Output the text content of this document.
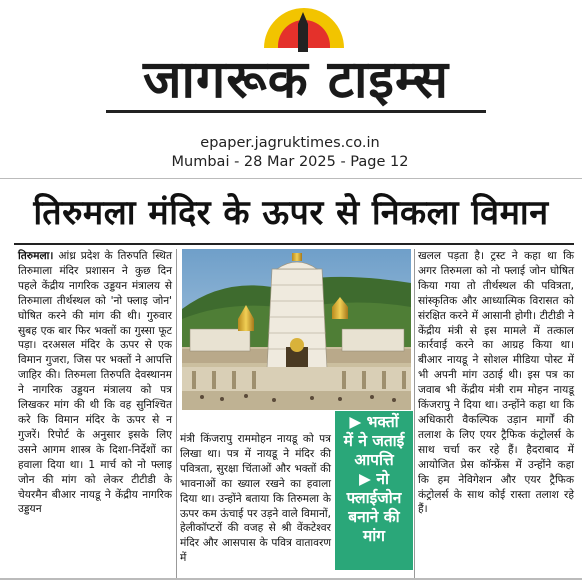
जागरूक टाइम्स
epaper.jagruktimes.co.in
Mumbai - 28 Mar 2025 - Page 12
तिरुमला मंदिर के ऊपर से निकला विमान
तिरुमला। आंध्र प्रदेश के तिरुपति स्थित तिरुमाला मंदिर प्रशासन ने कुछ दिन पहले केंद्रीय नागरिक उड्डयन मंत्रालय से तिरुमाला तीर्थस्थल को 'नो फ्लाइ जोन' घोषित करने की मांग की थी। गुरुवार सुबह एक बार फिर भक्तों का गुस्सा फूट पड़ा। दरअसल मंदिर के ऊपर से एक विमान गुजरा, जिस पर भक्तों ने आपत्ति जाहिर की। तिरुमला तिरुपति देवस्थानम ने नागरिक उड्डयन मंत्रालय को पत्र लिखकर मांग की थी कि वह सुनिश्चित करे कि विमान मंदिर के ऊपर से न गुजरें। रिपोर्ट के अनुसार इसके लिए उसने आगम शास्त्र के दिशा-निर्देशों का हवाला दिया था। 1 मार्च को नो फ्लाइ जोन की मांग को लेकर टीटीडी के चेयरमैन बीआर नायडू ने केंद्रीय नागरिक उड्डयन
मंत्री किंजरापु राममोहन नायडू को पत्र लिखा था। पत्र में नायडू ने मंदिर की पवित्रता, सुरक्षा चिंताओं और भक्तों की भावनाओं का ख्याल रखने का हवाला दिया था। उन्होंने बताया कि तिरुमला के ऊपर कम ऊंचाई पर उड़ने वाले विमानों, हेलीकॉप्टरों की वजह से श्री वेंकटेश्वर मंदिर और आसपास के पवित्र वातावरण में
▶ भक्तों
में ने जताई
आपत्ति
▶ नो
फ्लाईजोन
बनाने की
मांग
खलल पड़ता है। ट्रस्ट ने कहा था कि अगर तिरुमला को नो फ्लाई जोन घोषित किया गया तो तीर्थस्थल की पवित्रता, सांस्कृतिक और आध्यात्मिक विरासत को संरक्षित करने में आसानी होगी। टीटीडी ने केंद्रीय मंत्री से इस मामले में तत्काल कार्रवाई करने का आग्रह किया था। बीआर नायडू ने सोशल मीडिया पोस्ट में भी अपनी मांग उठाई थी। इस पत्र का जवाब भी केंद्रीय मंत्री राम मोहन नायडू किंजरापु ने दिया था। उन्होंने कहा था कि अधिकारी वैकल्पिक उड़ान मार्गों की तलाश के लिए एयर ट्रैफिक कंट्रोलर्स के साथ चर्चा कर रहे हैं। हैदराबाद में आयोजित प्रेस कॉन्फ्रेंस में उन्होंने कहा कि हम नेविगेशन और एयर ट्रैफिक कंट्रोलर्स के साथ कोई रास्ता तलाश रहे हैं।
